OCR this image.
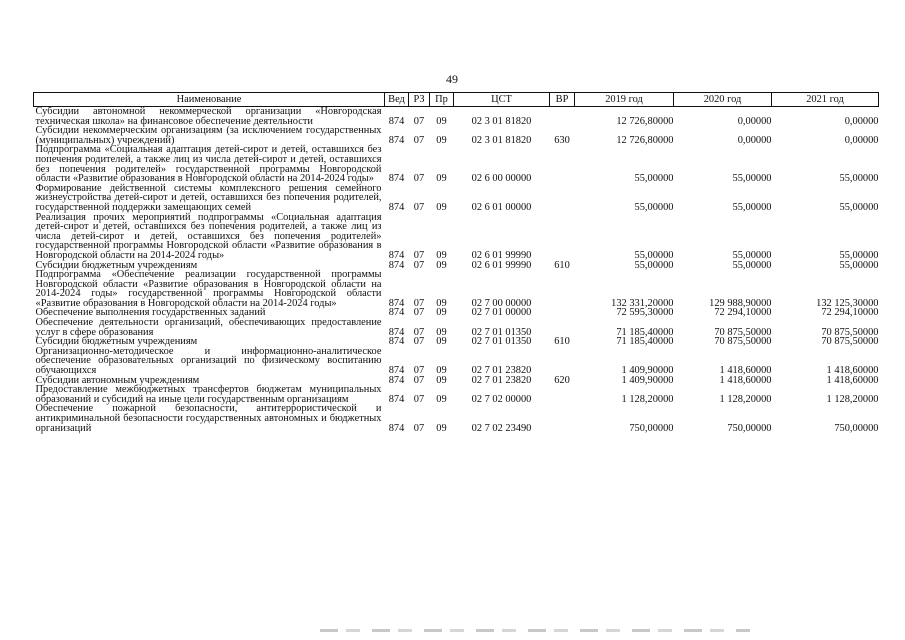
49
Наименование	Вед	РЗ	Пр	ЦСТ	ВР	2019 год	2020 год	2021 год
Субсидии автономной некоммерческой организации «Новгородская техническая школа» на финансовое обеспечение деятельности	874	07	09	02 3 01 81820		12 726,80000	0,00000	0,00000
Субсидии некоммерческим организациям (за исключением государственных (муниципальных) учреждений)	874	07	09	02 3 01 81820	630	12 726,80000	0,00000	0,00000
Подпрограмма «Социальная адаптация детей-сирот и детей, оставшихся без попечения родителей, а также лиц из числа детей-сирот и детей, оставшихся без попечения родителей» государственной программы Новгородской области «Развитие образования в Новгородской области на 2014-2024 годы»	874	07	09	02 6 00 00000		55,00000	55,00000	55,00000
Формирование действенной системы комплексного решения семейного жизнеустройства детей-сирот и детей, оставшихся без попечения родителей, государственной поддержки замещающих семей	874	07	09	02 6 01 00000		55,00000	55,00000	55,00000
Реализация прочих мероприятий подпрограммы «Социальная адаптация детей-сирот и детей, оставшихся без попечения родителей, а также лиц из числа детей-сирот и детей, оставшихся без попечения родителей» государственной программы Новгородской области «Развитие образования в Новгородской области на 2014-2024 годы»	874	07	09	02 6 01 99990		55,00000	55,00000	55,00000
Субсидии бюджетным учреждениям	874	07	09	02 6 01 99990	610	55,00000	55,00000	55,00000
Подпрограмма «Обеспечение реализации государственной программы Новгородской области «Развитие образования в Новгородской области на 2014-2024 годы» государственной программы Новгородской области «Развитие образования в Новгородской области на 2014-2024 годы»	874	07	09	02 7 00 00000		132 331,20000	129 988,90000	132 125,30000
Обеспечение выполнения государственных заданий	874	07	09	02 7 01 00000		72 595,30000	72 294,10000	72 294,10000
Обеспечение деятельности организаций, обеспечивающих предоставление услуг в сфере образования	874	07	09	02 7 01 01350		71 185,40000	70 875,50000	70 875,50000
Субсидии бюджетным учреждениям	874	07	09	02 7 01 01350	610	71 185,40000	70 875,50000	70 875,50000
Организационно-методическое и информационно-аналитическое обеспечение образовательных организаций по физическому воспитанию обучающихся	874	07	09	02 7 01 23820		1 409,90000	1 418,60000	1 418,60000
Субсидии автономным учреждениям	874	07	09	02 7 01 23820	620	1 409,90000	1 418,60000	1 418,60000
Предоставление межбюджетных трансфертов бюджетам муниципальных образований и субсидий на иные цели государственным организациям	874	07	09	02 7 02 00000		1 128,20000	1 128,20000	1 128,20000
Обеспечение пожарной безопасности, антитеррористической и антикриминальной безопасности государственных автономных и бюджетных организаций	874	07	09	02 7 02 23490		750,00000	750,00000	750,00000
